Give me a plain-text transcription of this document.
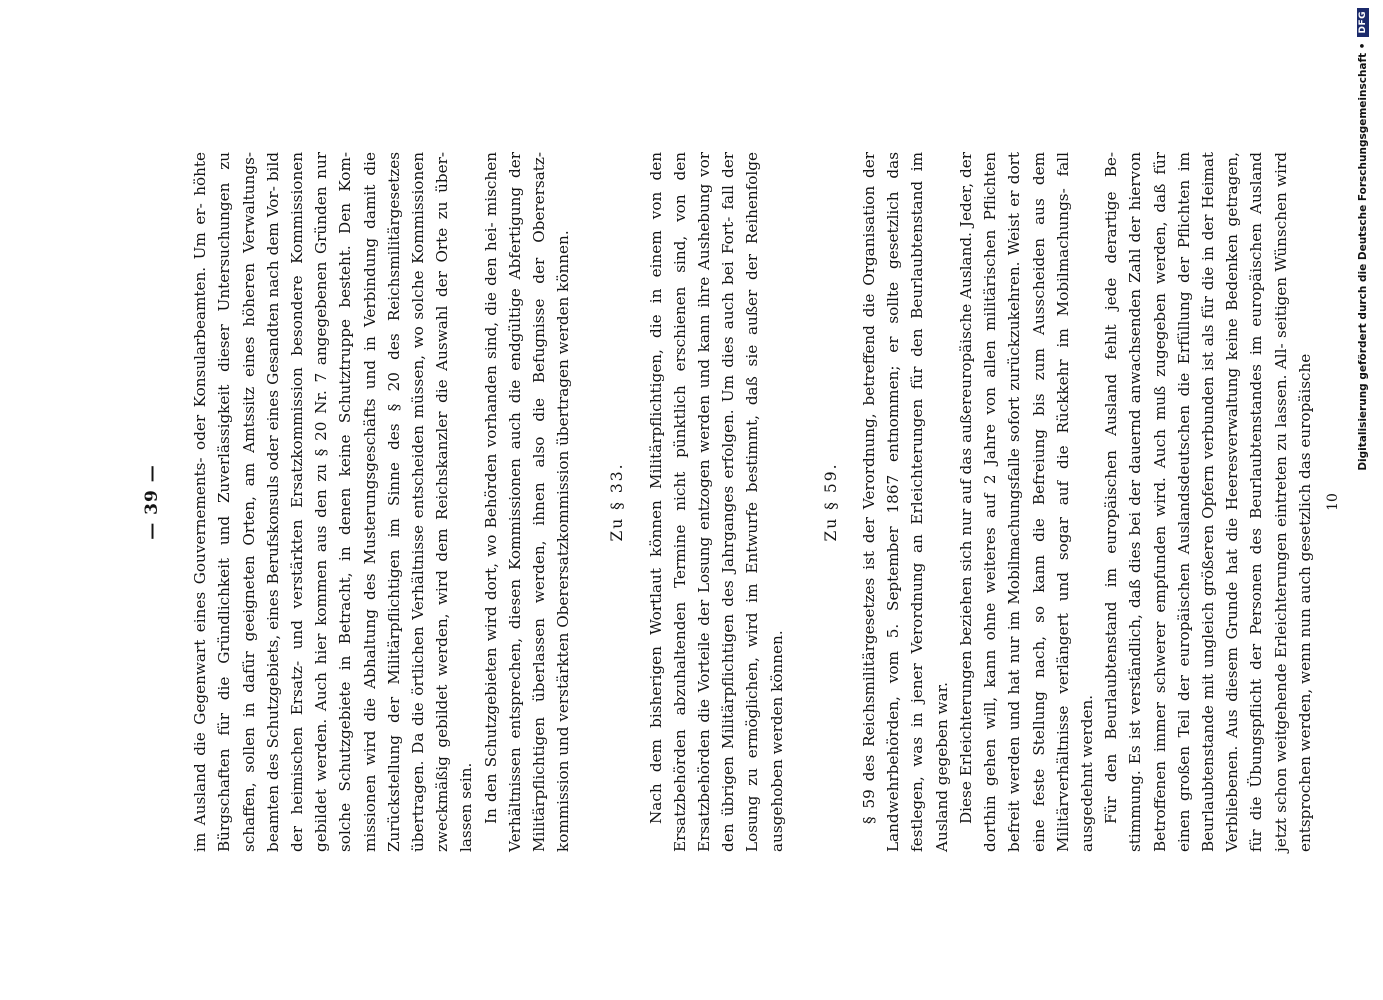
— 39 — im Ausland die Gegenwart eines Gouvernements- oder Konsularbeamten. Um er- höhte Bürgschaften für die Gründlichkeit und Zuverlässigkeit dieser Untersuchungen zu schaffen, sollen in dafür geeigneten Orten, am Amtssitz eines höheren Verwaltungs- beamten des Schutzgebiets, eines Berufskonsuls oder eines Gesandten nach dem Vor- bild der heimischen Ersatz- und verstärkten Ersatzkommission besondere Kommissionen gebildet werden. Auch hier kommen aus den zu § 20 Nr. 7 angegebenen Gründen nur solche Schutzgebiete in Betracht, in denen keine Schutztruppe besteht. Den Kom- missionen wird die Abhaltung des Musterungsgeschäfts und in Verbindung damit die Zurückstellung der Militärpflichtigen im Sinne des § 20 des Reichsmilitärgesetzes übertragen. Da die örtlichen Verhältnisse entscheiden müssen, wo solche Kommissionen zweckmäßig gebildet werden, wird dem Reichskanzler die Auswahl der Orte zu über- lassen sein. In den Schutzgebieten wird dort, wo Behörden vorhanden sind, die den hei- mischen Verhältnissen entsprechen, diesen Kommissionen auch die endgültige Abfertigung der Militärpflichtigen überlassen werden, ihnen also die Befugnisse der Oberersatz- kommission und verstärkten Oberersatzkommission übertragen werden können. Zu § 33. Nach dem bisherigen Wortlaut können Militärpflichtigen, die in einem von den Ersatzbehörden abzuhaltenden Termine nicht pünktlich erschienen sind, von den Ersatzbehörden die Vorteile der Losung entzogen werden und kann ihre Aushebung vor den übrigen Militärpflichtigen des Jahrganges erfolgen. Um dies auch bei Fort- fall der Losung zu ermöglichen, wird im Entwurfe bestimmt, daß sie außer der Reihenfolge ausgehoben werden können.

Zu § 59. § 59 des Reichsmilitärgesetzes ist der Verordnung, betreffend die Organisation der Landwehrbehörden, vom 5. September 1867 entnommen; er sollte gesetzlich das festlegen, was in jener Verordnung an Erleichterungen für den Beurlaubtenstand im Ausland gegeben war. Diese Erleichterungen beziehen sich nur auf das außereuropäische Ausland. Jeder, der dorthin gehen will, kann ohne weiteres auf 2 Jahre von allen militärischen Pflichten befreit werden und hat nur im Mobilmachungsfalle sofort zurückzukehren. Weist er dort eine feste Stellung nach, so kann die Befreiung bis zum Ausscheiden aus dem Militärverhältnisse verlängert und sogar auf die Rückkehr im Mobilmachungs- fall ausgedehnt werden. Für den Beurlaubtenstand im europäischen Ausland fehlt jede derartige Be- stimmung. Es ist verständlich, daß dies bei der dauernd anwachsenden Zahl der hiervon Betroffenen immer schwerer empfunden wird. Auch muß zugegeben werden, daß für einen großen Teil der europäischen Auslandsdeutschen die Erfüllung der Pflichten im Beurlaubtenstande mit ungleich größeren Opfern verbunden ist als für die in der Heimat Verbliebenen. Aus diesem Grunde hat die Heeresverwaltung keine Bedenken getragen, für die Übungspflicht der Personen des Beurlaubtenstandes im europäischen Ausland jetzt schon weitgehende Erleichterungen eintreten zu lassen. All- seitigen Wünschen wird entsprochen werden, wenn nun auch gesetzlich das europäische 10
Digitalisierung gefördert durch die Deutsche Forschungsgemeinschaft •
DFG
